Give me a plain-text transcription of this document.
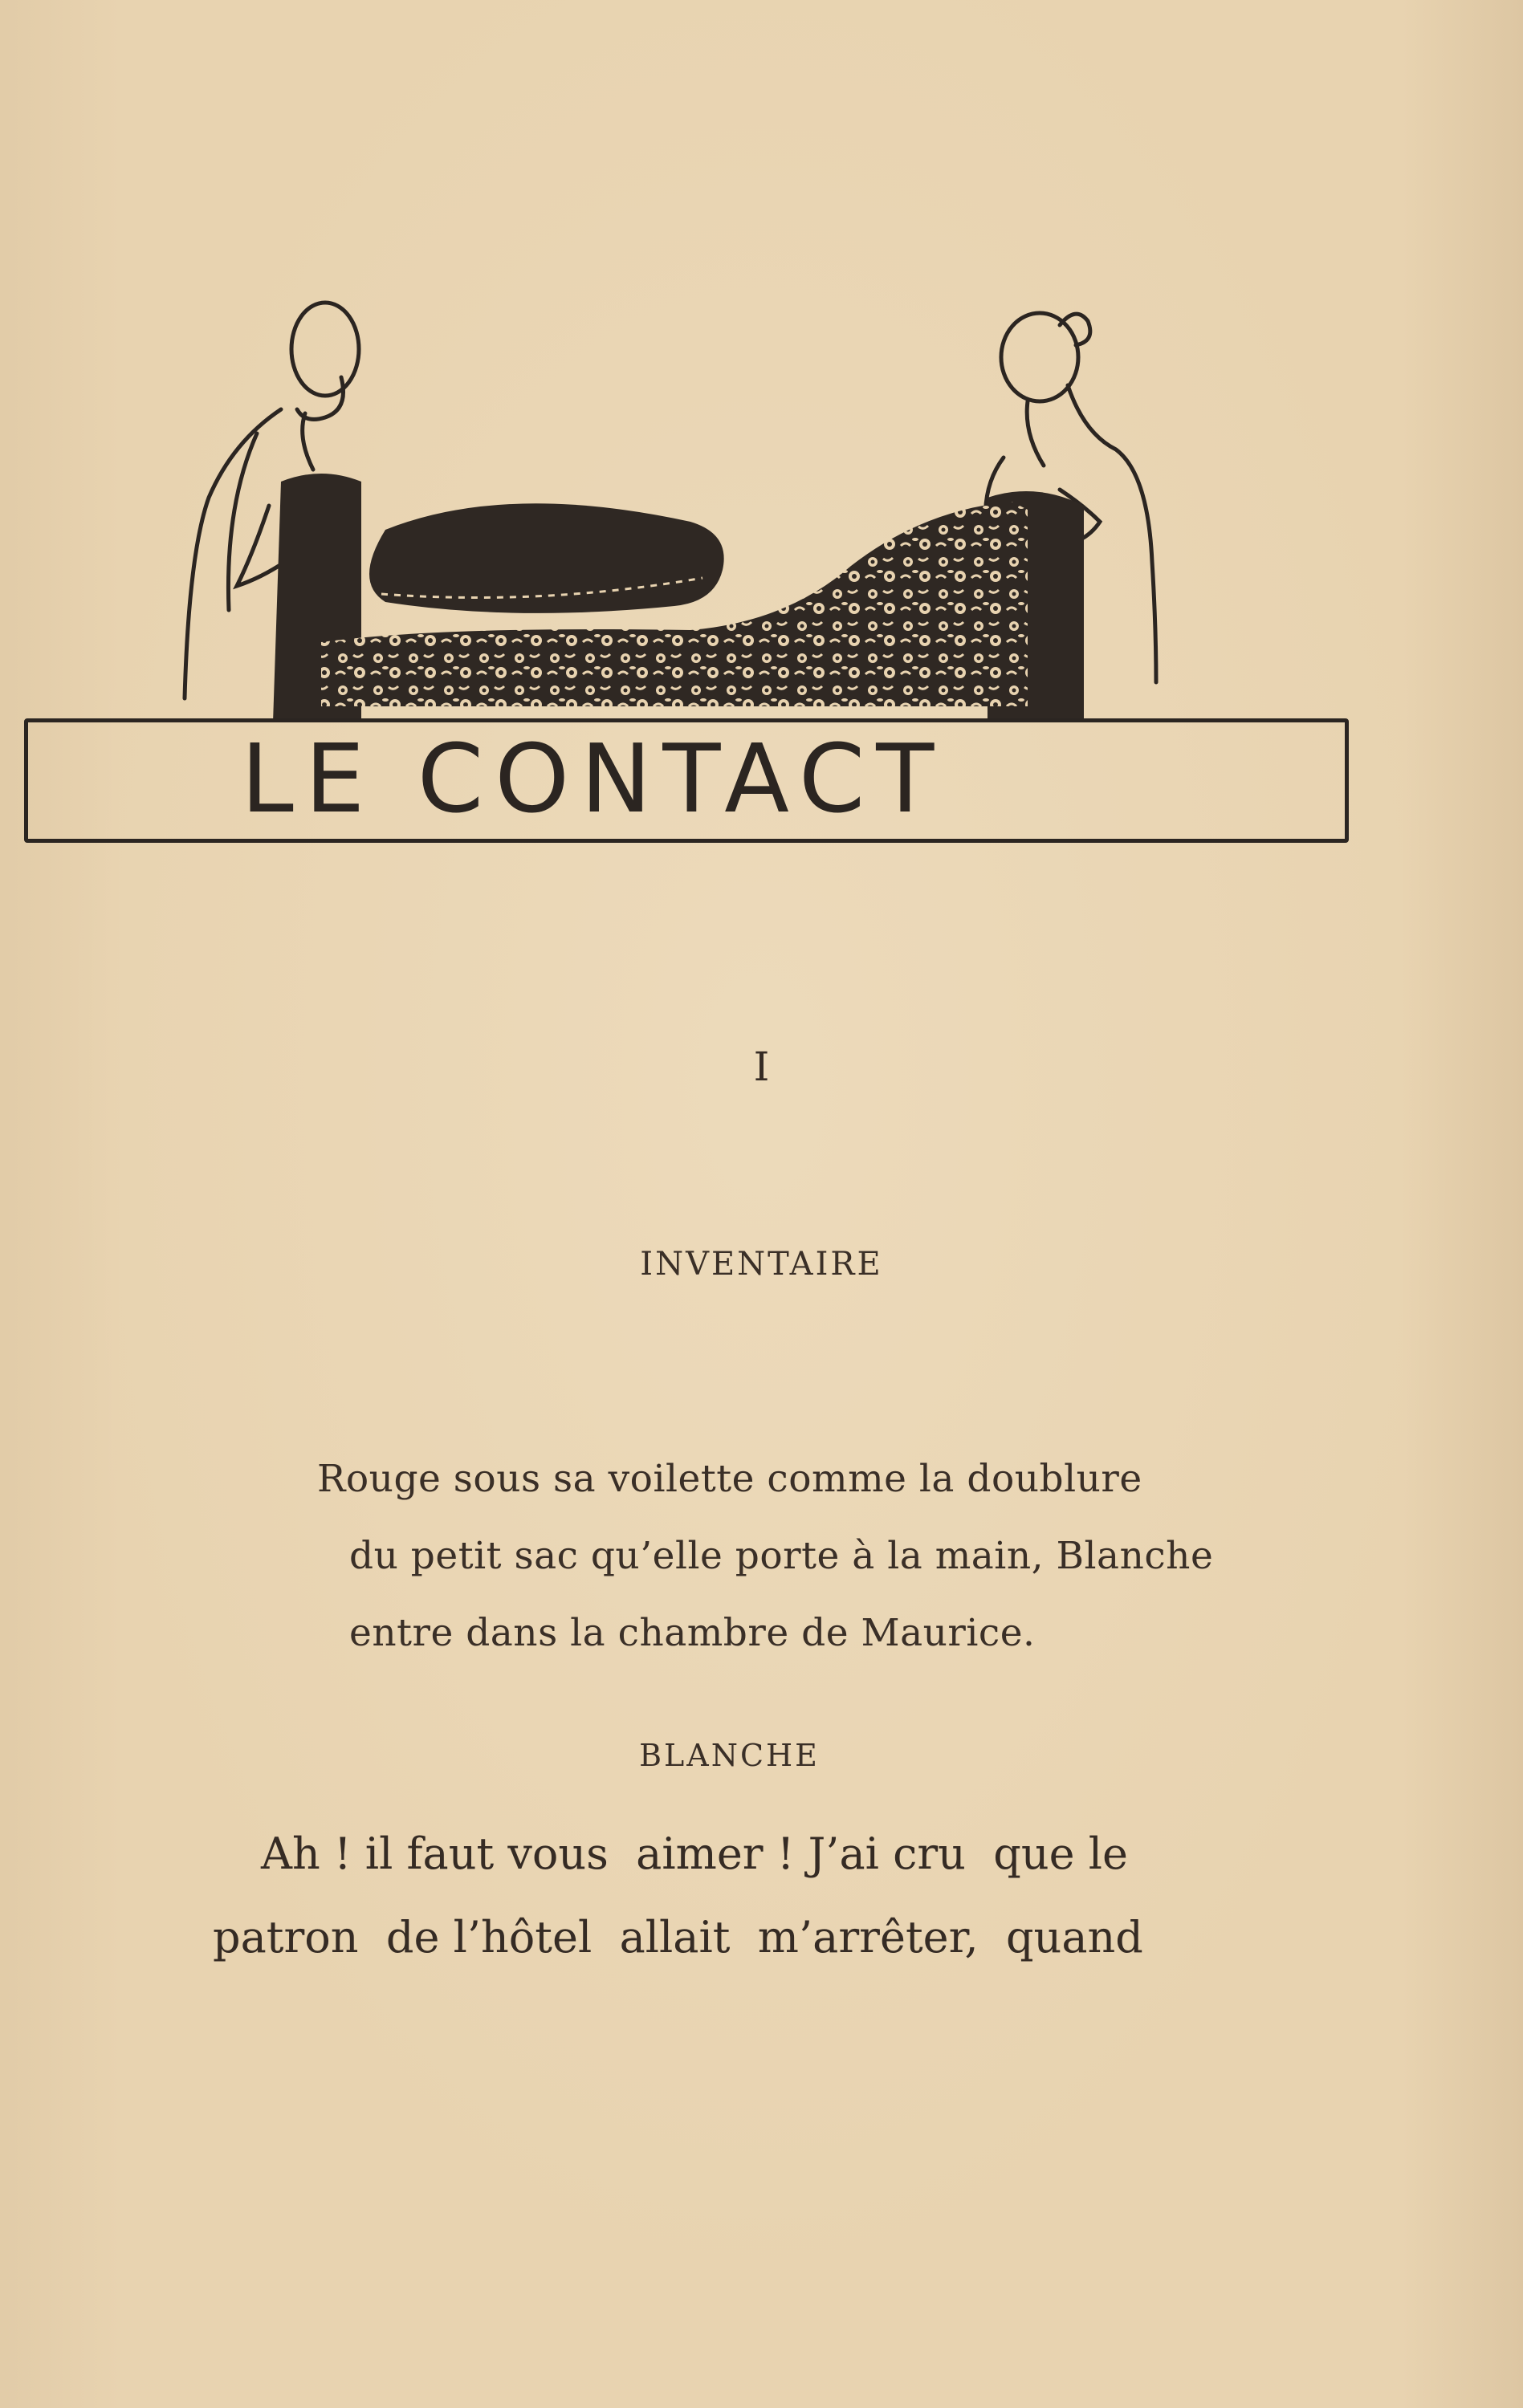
LE CONTACT
I
INVENTAIRE
Rouge sous sa voilette comme la doublure
du petit sac qu’elle porte à la main, Blanche
entre dans la chambre de Maurice.
BLANCHE
Ah ! il faut vous  aimer ! J’ai cru  que le
patron  de l’hôtel  allait  m’arrêter,  quand
